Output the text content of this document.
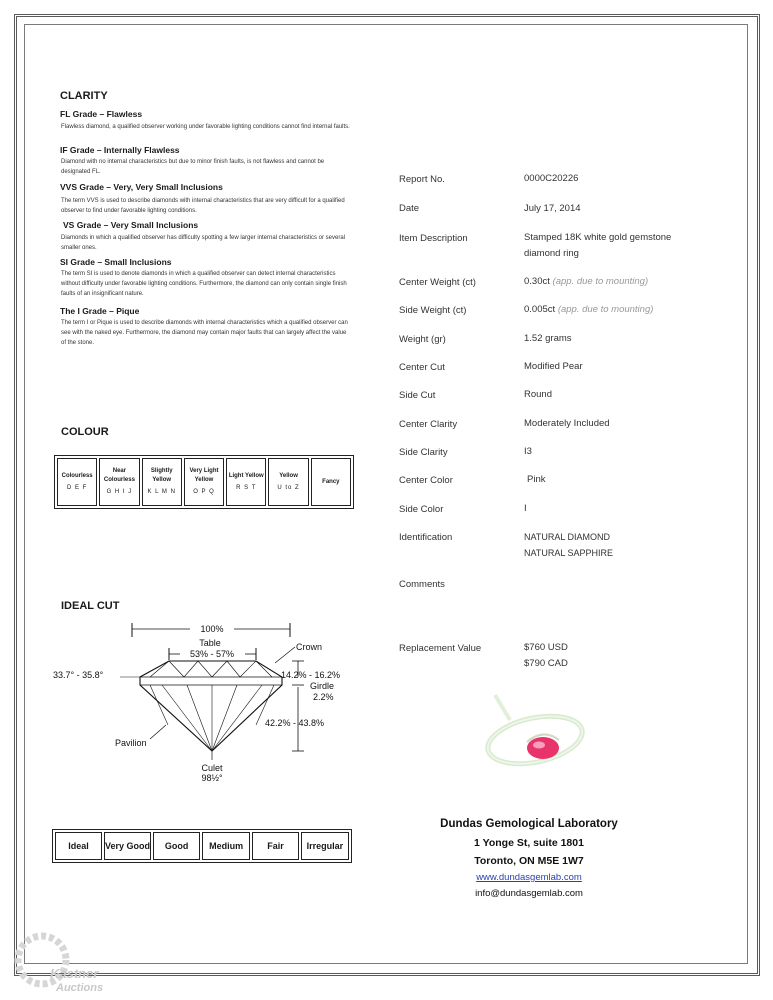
CLARITY
FL Grade – Flawless
Flawless diamond, a qualified observer working under favorable lighting conditions cannot find internal faults.
IF Grade – Internally Flawless
Diamond with no internal characteristics but due to minor finish faults, is not flawless and cannot be designated FL.
VVS Grade – Very, Very Small Inclusions
The term VVS is used to describe diamonds with internal characteristics that are very difficult for a qualified observer to find under favorable lighting conditions.
VS Grade – Very Small Inclusions
Diamonds in which a qualified observer has difficulty spotting a few larger internal characteristics or several smaller ones.
SI Grade – Small Inclusions
The term SI is used to denote diamonds in which a qualified observer can detect internal characteristics without difficulty under favorable lighting conditions. Furthermore, the diamond can only contain single finish faults of an insignificant nature.
The I Grade – Pique
The term I or Pique is used to describe diamonds with internal characteristics which a qualified observer can see with the naked eye. Furthermore, the diamond may contain major faults that can largely affect the value of the stone.
COLOUR
Colourless
D E F
	Near Colourless
G H I J
	Slightly Yellow
K L M N
	Very Light Yellow
O P Q
	Light Yellow
R S T
	Yellow
U to Z
	Fancy
IDEAL CUT
100%
Table
53% - 57%
Crown
33.7° - 35.8°	14.2% - 16.2%
Girdle
2.2%
42.2% - 43.8%
Pavilion
Culet
98½°
Ideal	Very Good	Good	Medium	Fair	Irregular
Report No.	0000C20226
Date	July 17, 2014
Item Description	Stamped 18K white gold gemstone
diamond ring
Center Weight (ct)	0.30ct (app. due to mounting)
Side Weight (ct)	0.005ct (app. due to mounting)
Weight (gr)	1.52 grams
Center Cut	Modified Pear
Side Cut	Round
Center Clarity	Moderately Included
Side Clarity	I3
Center Color	Pink
Side Color	I
Identification	NATURAL DIAMOND
NATURAL SAPPHIRE
Comments
Replacement Value	$760 USD
$790 CAD
Dundas Gemological Laboratory
1 Yonge St, suite 1801
Toronto, ON M5E 1W7
www.dundasgemlab.com
info@dundasgemlab.com
Kastner
Auctions
